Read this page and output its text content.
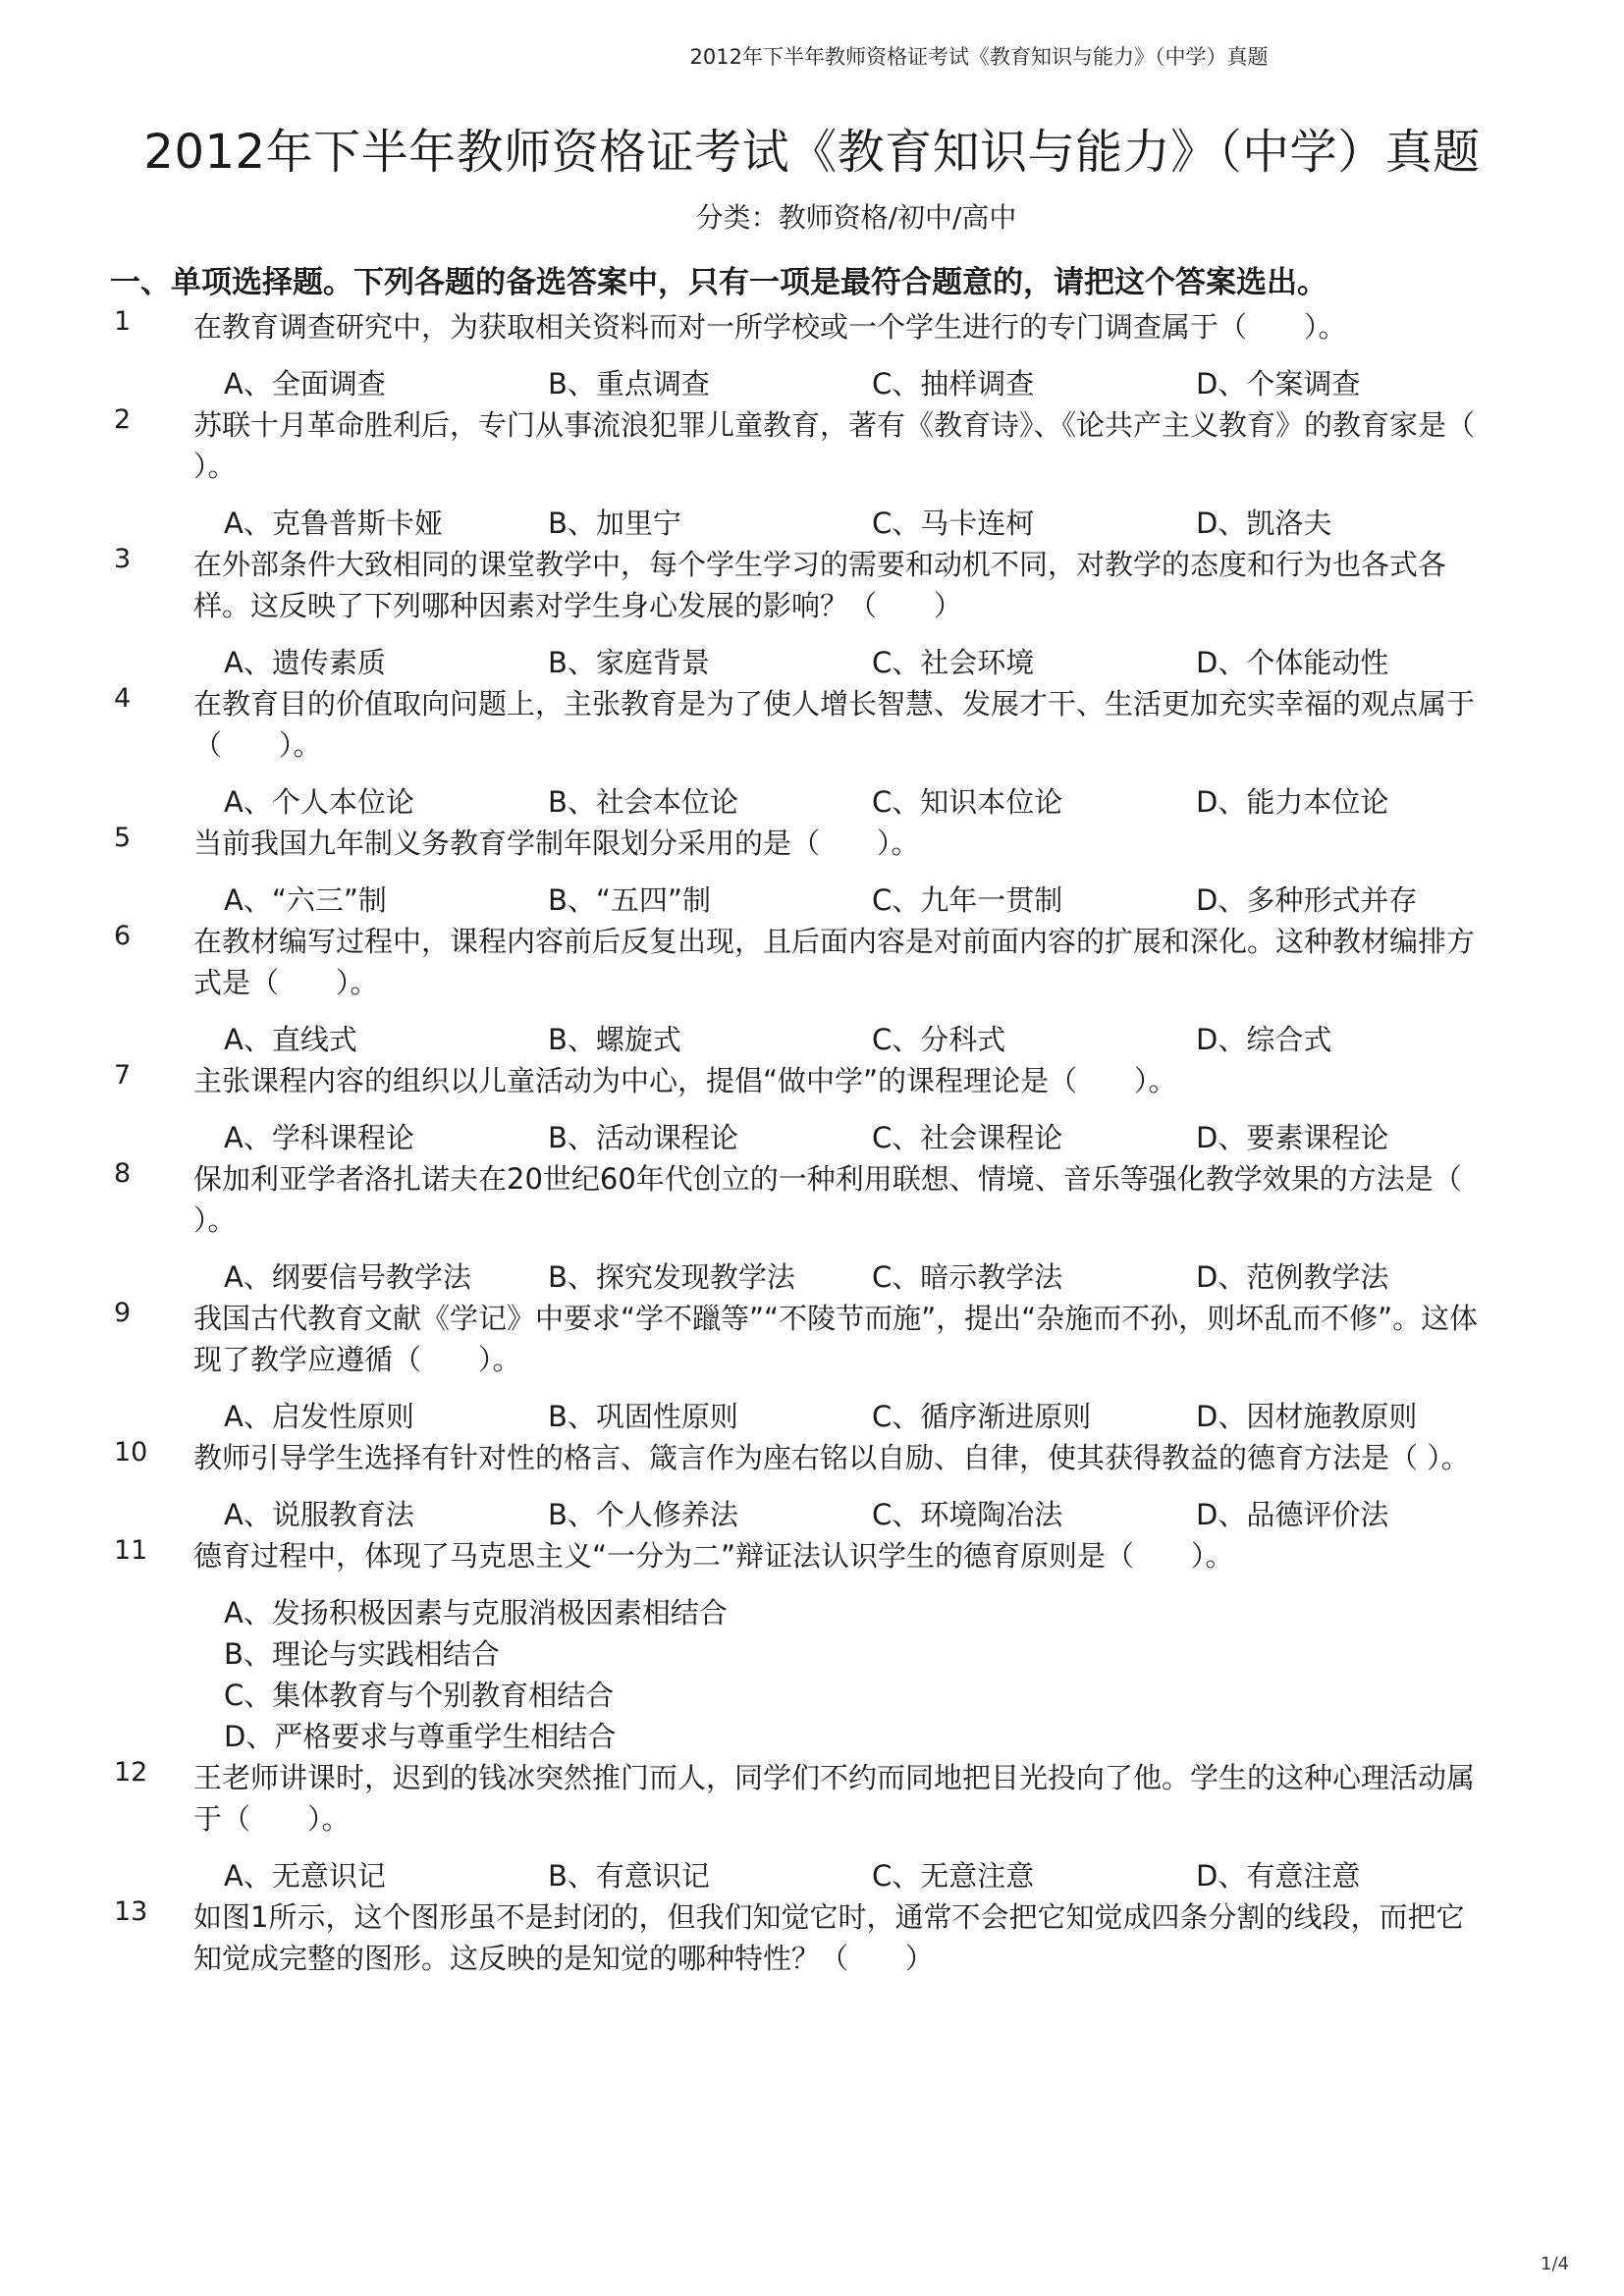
2012年下半年教师资格证考试《教育知识与能力》（中学）真题
2012年下半年教师资格证考试《教育知识与能力》（中学）真题
分类：教师资格/初中/高中
一、单项选择题。下列各题的备选答案中，只有一项是最符合题意的，请把这个答案选出。
1	在教育调查研究中，为获取相关资料而对一所学校或一个学生进行的专门调查属于（　　）。
A、全面调查	B、重点调查	C、抽样调查	D、个案调查
2	苏联十月革命胜利后，专门从事流浪犯罪儿童教育，著有《教育诗》、《论共产主义教育》的教育家是（ ）。
A、克鲁普斯卡娅	B、加里宁	C、马卡连柯	D、凯洛夫
3	在外部条件大致相同的课堂教学中，每个学生学习的需要和动机不同，对教学的态度和行为也各式各样。这反映了下列哪种因素对学生身心发展的影响？（　　）
A、遗传素质	B、家庭背景	C、社会环境	D、个体能动性
4	在教育目的价值取向问题上，主张教育是为了使人增长智慧、发展才干、生活更加充实幸福的观点属于（　　）。
A、个人本位论	B、社会本位论	C、知识本位论	D、能力本位论
5	当前我国九年制义务教育学制年限划分采用的是（　　）。
A、“六三”制	B、“五四”制	C、九年一贯制	D、多种形式并存
6	在教材编写过程中，课程内容前后反复出现，且后面内容是对前面内容的扩展和深化。这种教材编排方式是（　　）。
A、直线式	B、螺旋式	C、分科式	D、综合式
7	主张课程内容的组织以儿童活动为中心，提倡“做中学”的课程理论是（　　）。
A、学科课程论	B、活动课程论	C、社会课程论	D、要素课程论
8	保加利亚学者洛扎诺夫在20世纪60年代创立的一种利用联想、情境、音乐等强化教学效果的方法是（ ）。
A、纲要信号教学法	B、探究发现教学法	C、暗示教学法	D、范例教学法
9	我国古代教育文献《学记》中要求“学不躐等”“不陵节而施”，提出“杂施而不孙，则坏乱而不修”。这体现了教学应遵循（　　）。
A、启发性原则	B、巩固性原则	C、循序渐进原则	D、因材施教原则
10	教师引导学生选择有针对性的格言、箴言作为座右铭以自励、自律，使其获得教益的德育方法是（ ）。
A、说服教育法	B、个人修养法	C、环境陶冶法	D、品德评价法
11	德育过程中，体现了马克思主义“一分为二”辩证法认识学生的德育原则是（　　）。
A、发扬积极因素与克服消极因素相结合
B、理论与实践相结合
C、集体教育与个别教育相结合
D、严格要求与尊重学生相结合
12	王老师讲课时，迟到的钱冰突然推门而人，同学们不约而同地把目光投向了他。学生的这种心理活动属于（　　）。
A、无意识记	B、有意识记	C、无意注意	D、有意注意
13	如图1所示，这个图形虽不是封闭的，但我们知觉它时，通常不会把它知觉成四条分割的线段，而把它知觉成完整的图形。这反映的是知觉的哪种特性？（　　）
1/4
